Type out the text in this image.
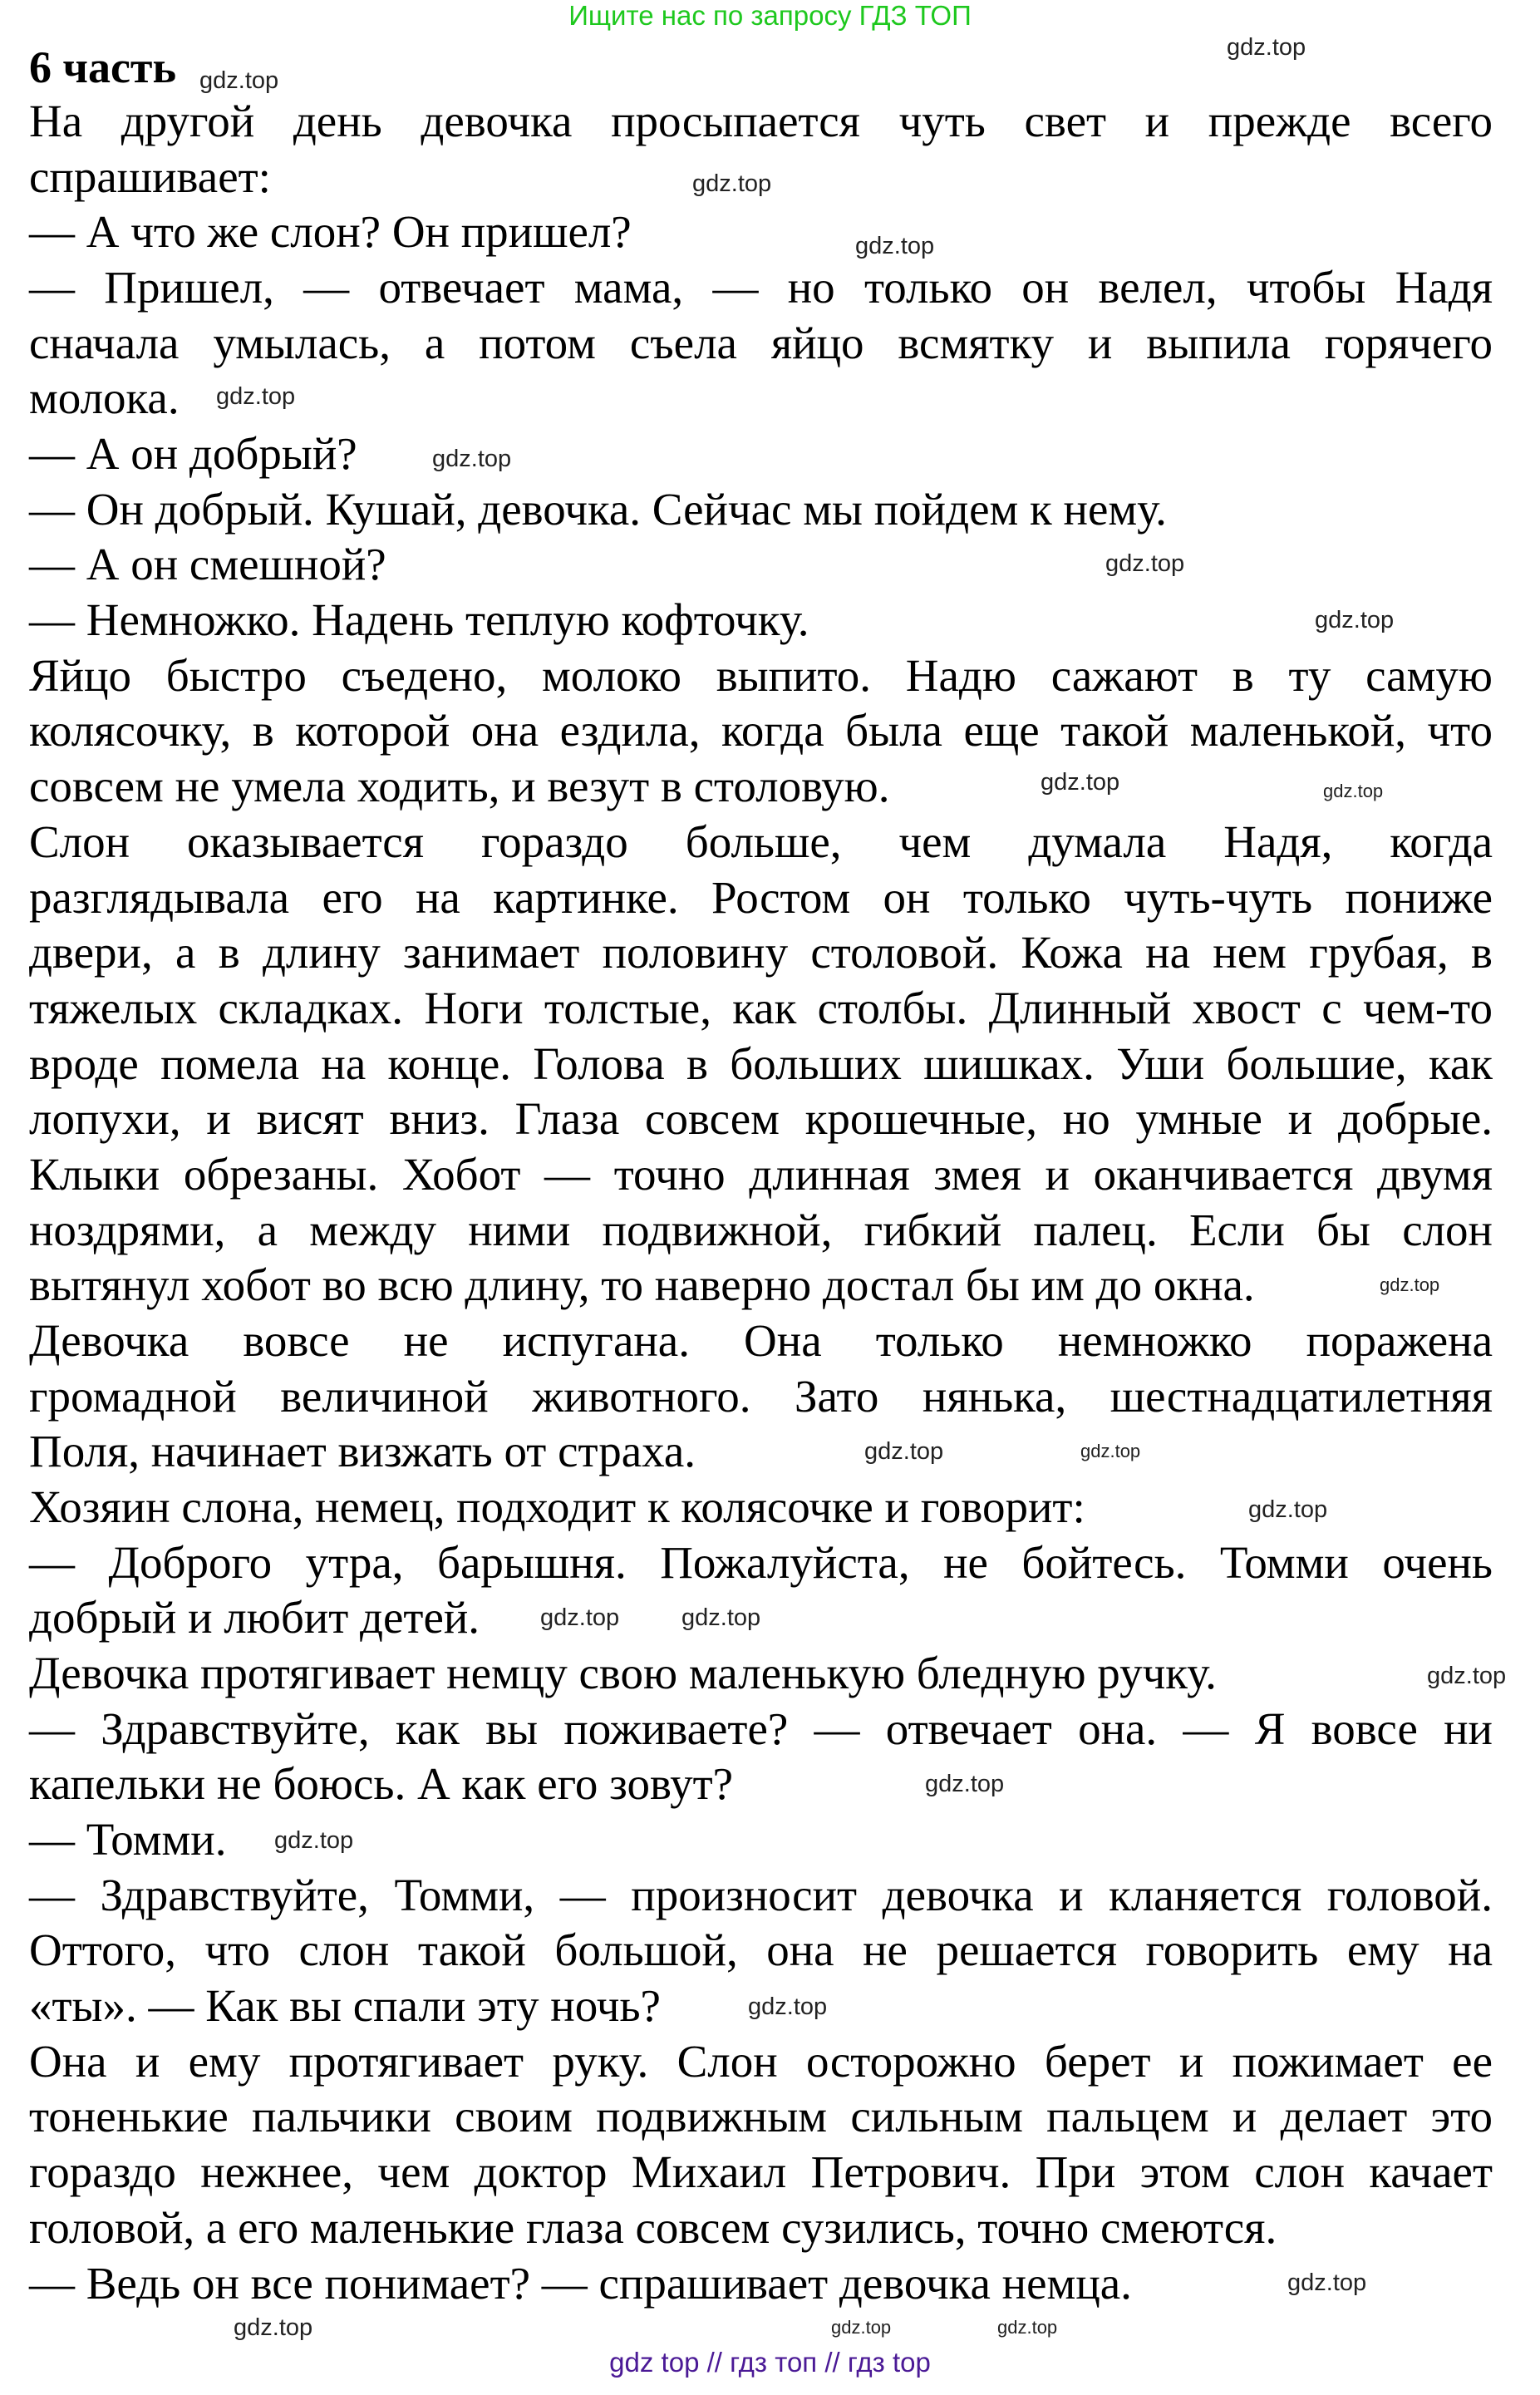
Ищите нас по запросу ГДЗ ТОП
6 часть
На другой день девочка просыпается чуть свет и прежде всего
спрашивает:
— А что же слон? Он пришел?
— Пришел, — отвечает мама, — но только он велел, чтобы Надя
сначала умылась, а потом съела яйцо всмятку и выпила горячего
молока.
— А он добрый?
— Он добрый. Кушай, девочка. Сейчас мы пойдем к нему.
— А он смешной?
— Немножко. Надень теплую кофточку.
Яйцо быстро съедено, молоко выпито. Надю сажают в ту самую
колясочку, в которой она ездила, когда была еще такой маленькой, что
совсем не умела ходить, и везут в столовую.
Слон оказывается гораздо больше, чем думала Надя, когда
разглядывала его на картинке. Ростом он только чуть-чуть пониже
двери, а в длину занимает половину столовой. Кожа на нем грубая, в
тяжелых складках. Ноги толстые, как столбы. Длинный хвост с чем-то
вроде помела на конце. Голова в больших шишках. Уши большие, как
лопухи, и висят вниз. Глаза совсем крошечные, но умные и добрые.
Клыки обрезаны. Хобот — точно длинная змея и оканчивается двумя
ноздрями, а между ними подвижной, гибкий палец. Если бы слон
вытянул хобот во всю длину, то наверно достал бы им до окна.
Девочка вовсе не испугана. Она только немножко поражена
громадной величиной животного. Зато нянька, шестнадцатилетняя
Поля, начинает визжать от страха.
Хозяин слона, немец, подходит к колясочке и говорит:
— Доброго утра, барышня. Пожалуйста, не бойтесь. Томми очень
добрый и любит детей.
Девочка протягивает немцу свою маленькую бледную ручку.
— Здравствуйте, как вы поживаете? — отвечает она. — Я вовсе ни
капельки не боюсь. А как его зовут?
— Томми.
— Здравствуйте, Томми, — произносит девочка и кланяется головой.
Оттого, что слон такой большой, она не решается говорить ему на
«ты». — Как вы спали эту ночь?
Она и ему протягивает руку. Слон осторожно берет и пожимает ее
тоненькие пальчики своим подвижным сильным пальцем и делает это
гораздо нежнее, чем доктор Михаил Петрович. При этом слон качает
головой, а его маленькие глаза совсем сузились, точно смеются.
— Ведь он все понимает? — спрашивает девочка немца.
gdz.top
gdz.top
gdz.top
gdz.top
gdz.top
gdz.top
gdz.top
gdz.top
gdz.top	gdz.top
gdz.top
gdz.top
gdz.top
gdz.top
gdz.top
gdz.top
gdz.top
gdz.top
gdz.top
gdz.top
gdz.top	gdz.top
gdz.top
gdz.top
gdz top // гдз топ // гдз top
